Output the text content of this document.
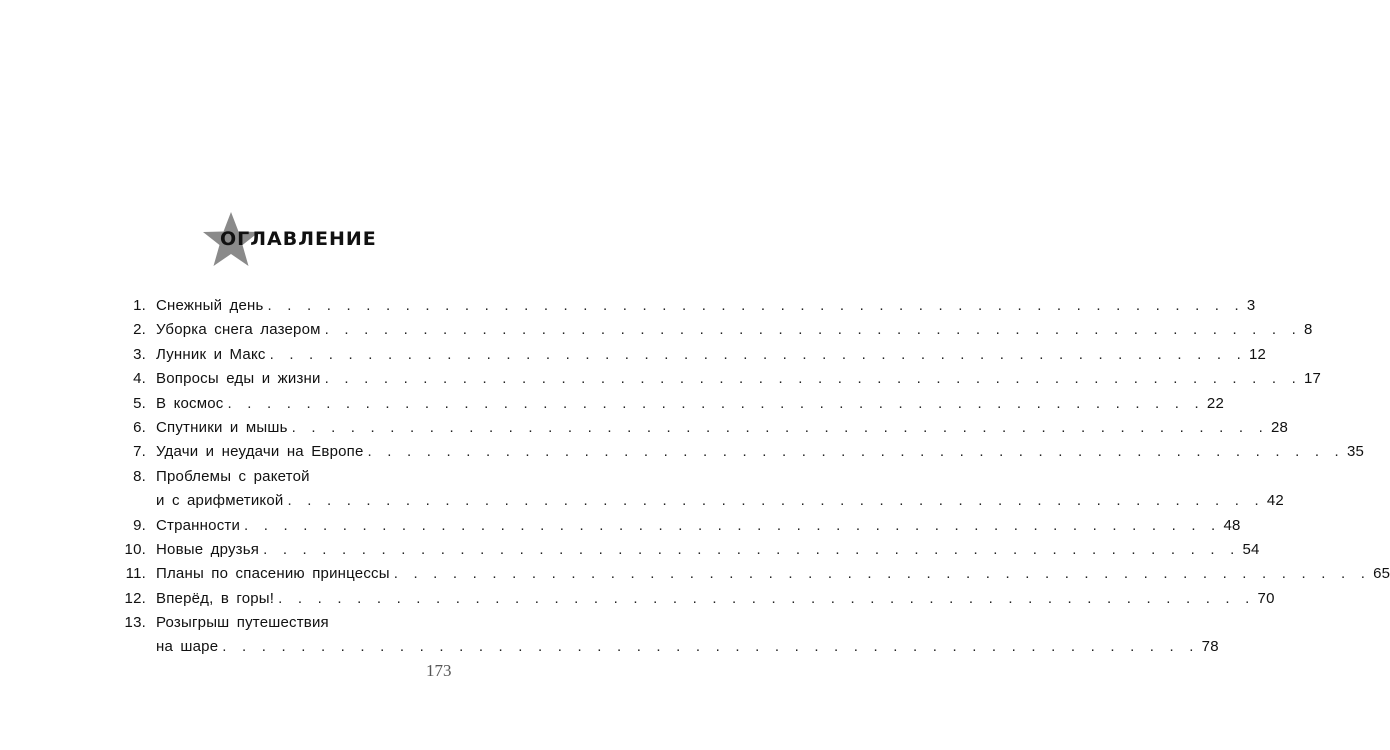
ОГЛАВЛЕНИЕ
1. Снежный день . . . . . . . . . . . . . . . . . . . . . . . . . . . . . . . . . . . . . . . . . . . . . . . . . . 3
2. Уборка снега лазером . . . . . . . . . . . . . . . . . . . . . . . . . . . . . . . . . . . . . . . . . . . . . . . . . . 8
3. Лунник и Макс . . . . . . . . . . . . . . . . . . . . . . . . . . . . . . . . . . . . . . . . . . . . . . . . . . 12
4. Вопросы еды и жизни . . . . . . . . . . . . . . . . . . . . . . . . . . . . . . . . . . . . . . . . . . . . . . . . . . 17
5. В космос . . . . . . . . . . . . . . . . . . . . . . . . . . . . . . . . . . . . . . . . . . . . . . . . . . 22
6. Спутники и мышь . . . . . . . . . . . . . . . . . . . . . . . . . . . . . . . . . . . . . . . . . . . . . . . . . . 28
7. Удачи и неудачи на Европе . . . . . . . . . . . . . . . . . . . . . . . . . . . . . . . . . . . . . . . . . . . . . . . . . . 35
8. Проблемы с ракетой
и с арифметикой . . . . . . . . . . . . . . . . . . . . . . . . . . . . . . . . . . . . . . . . . . . . . . . . . . 42
9. Странности . . . . . . . . . . . . . . . . . . . . . . . . . . . . . . . . . . . . . . . . . . . . . . . . . . 48
10. Новые друзья . . . . . . . . . . . . . . . . . . . . . . . . . . . . . . . . . . . . . . . . . . . . . . . . . . 54
11. Планы по спасению принцессы . . . . . . . . . . . . . . . . . . . . . . . . . . . . . . . . . . . . . . . . . . . . . . . . . . 65
12. Вперёд, в горы! . . . . . . . . . . . . . . . . . . . . . . . . . . . . . . . . . . . . . . . . . . . . . . . . . . 70
13. Розыгрыш путешествия
на шаре . . . . . . . . . . . . . . . . . . . . . . . . . . . . . . . . . . . . . . . . . . . . . . . . . . 78
173
